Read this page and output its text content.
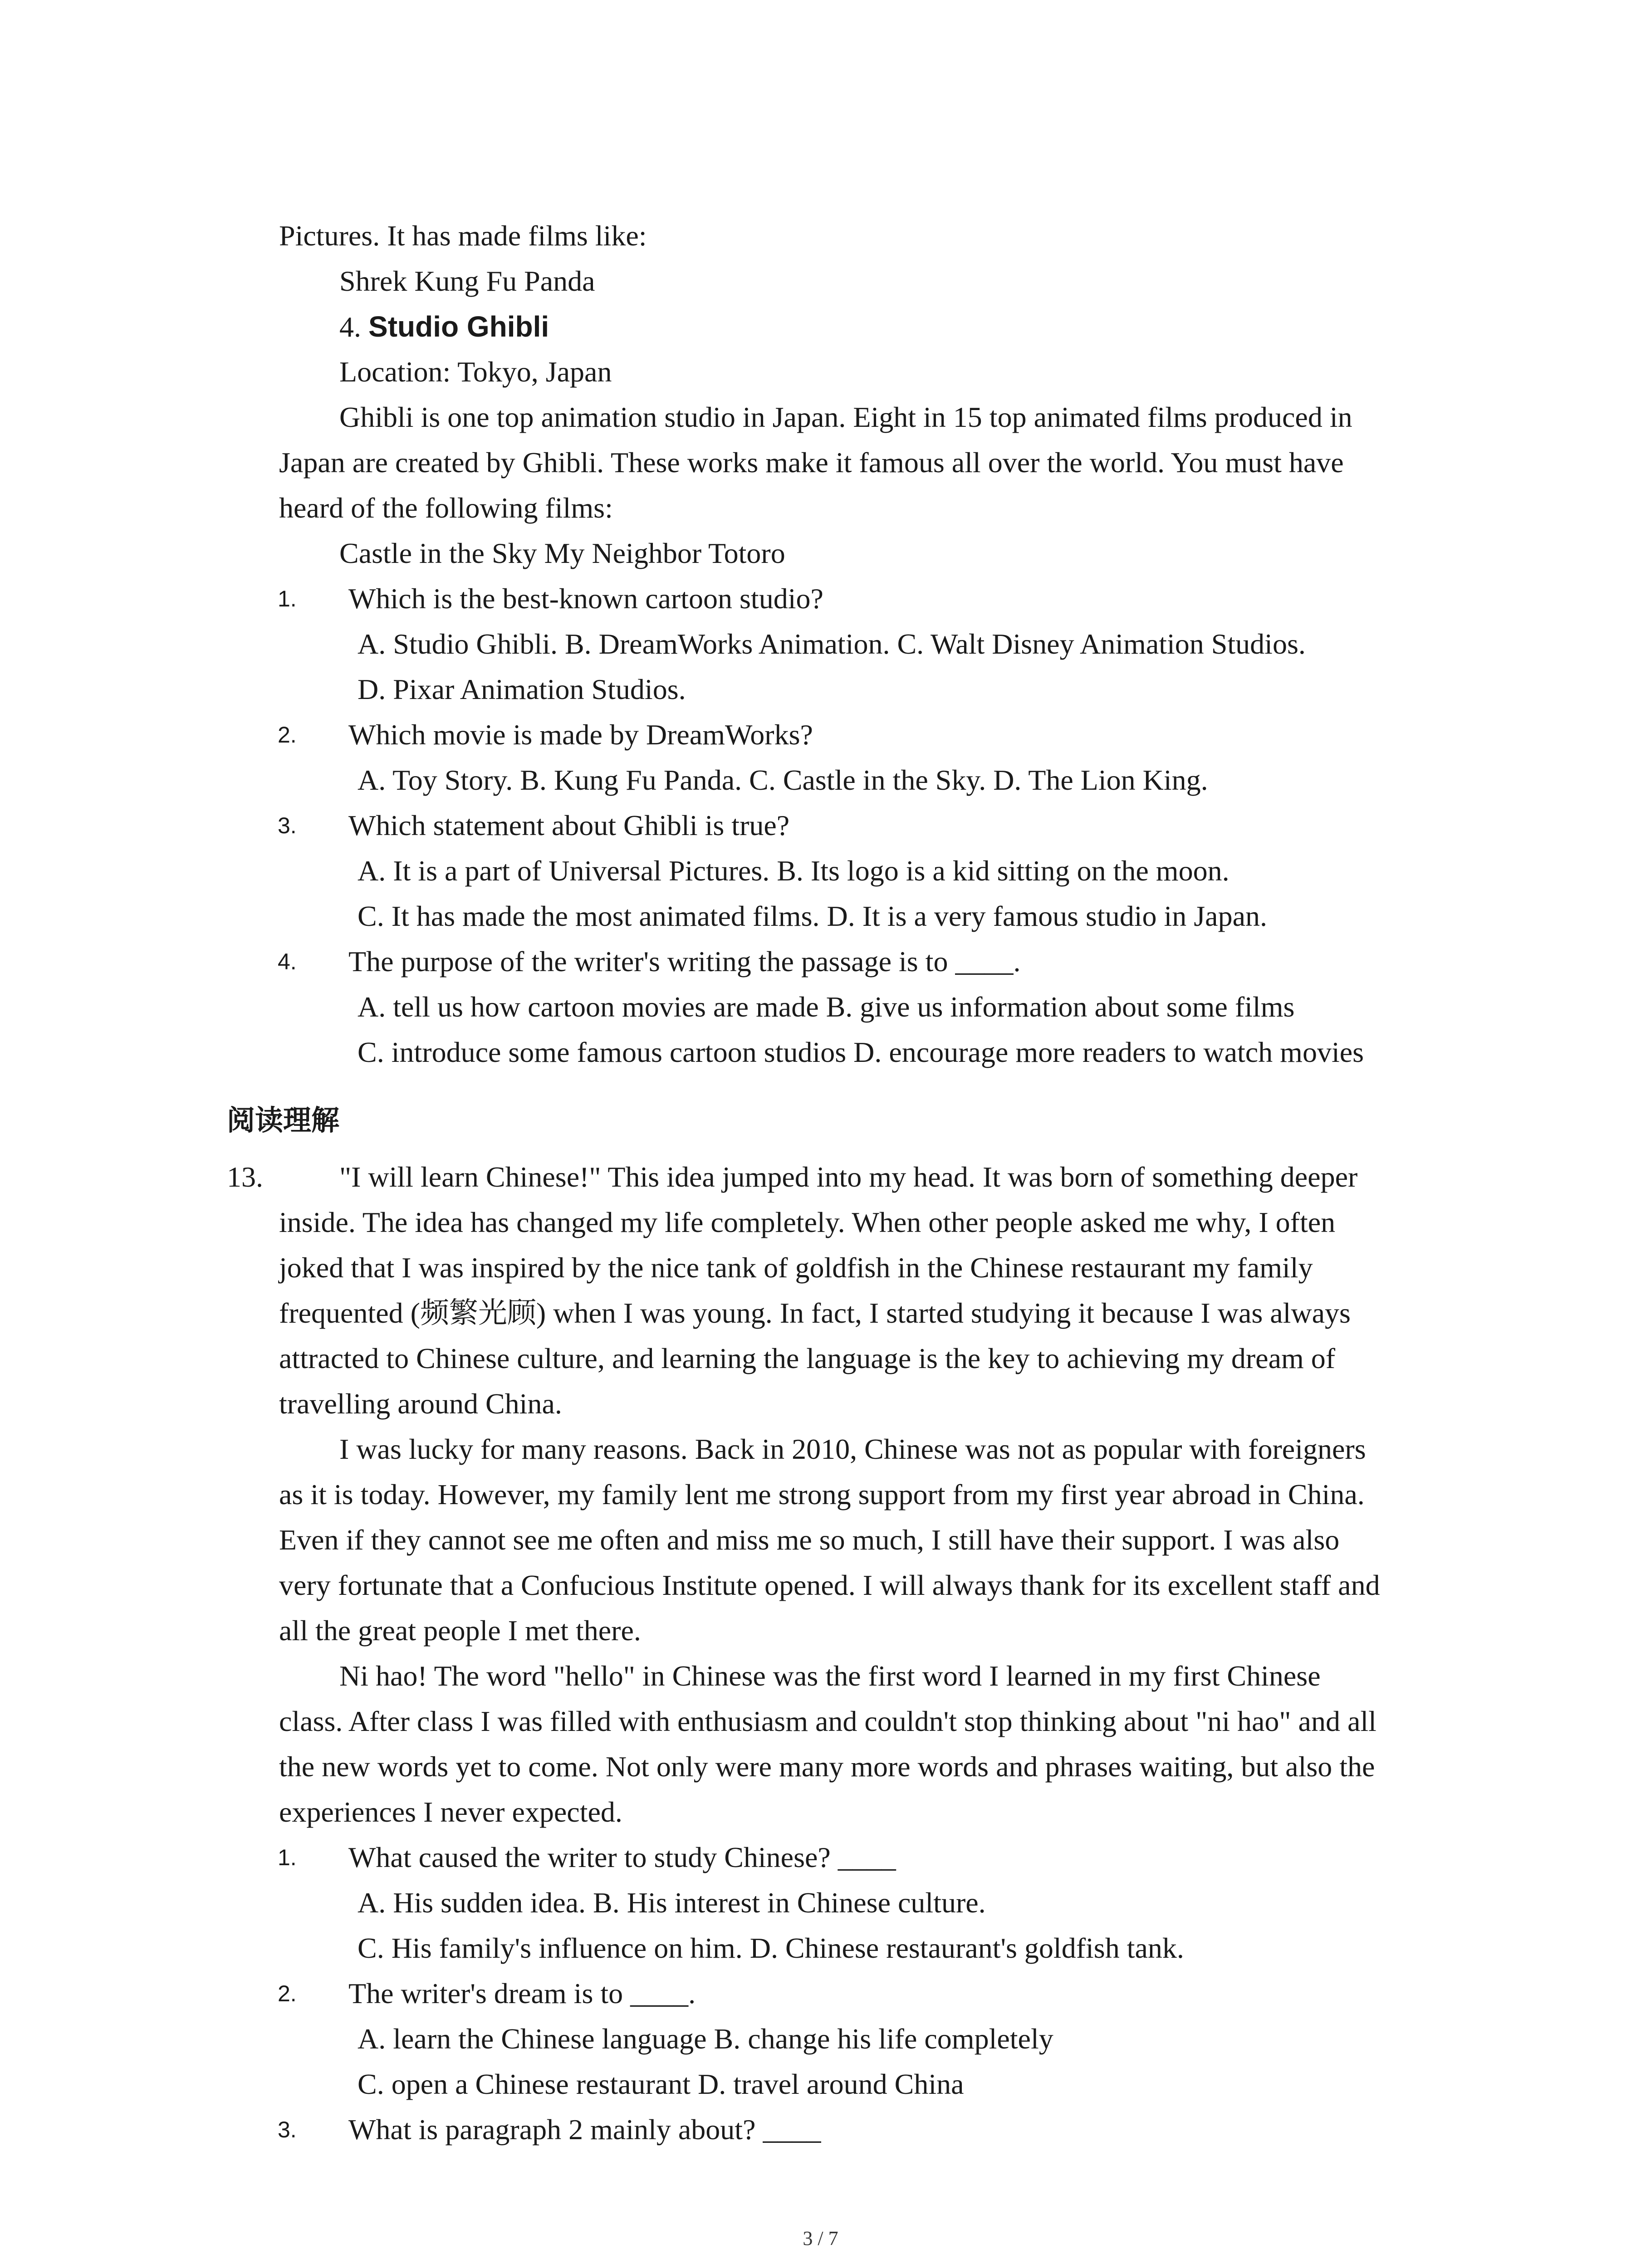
Pictures. It has made films like:
Shrek Kung Fu Panda
4. Studio Ghibli
Location: Tokyo, Japan
Ghibli is one top animation studio in Japan. Eight in 15 top animated films produced in
Japan are created by Ghibli. These works make it famous all over the world. You must have
heard of the following films:
Castle in the Sky My Neighbor Totoro
1. Which is the best-known cartoon studio?
A. Studio Ghibli. B. DreamWorks Animation. C. Walt Disney Animation Studios.
D. Pixar Animation Studios.
2. Which movie is made by DreamWorks?
A. Toy Story. B. Kung Fu Panda. C. Castle in the Sky. D. The Lion King.
3. Which statement about Ghibli is true?
A. It is a part of Universal Pictures. B. Its logo is a kid sitting on the moon.
C. It has made the most animated films. D. It is a very famous studio in Japan.
4. The purpose of the writer's writing the passage is to ____.
A. tell us how cartoon movies are made B. give us information about some films
C. introduce some famous cartoon studios D. encourage more readers to watch movies
阅读理解
13.	"I will learn Chinese!" This idea jumped into my head. It was born of something deeper
inside. The idea has changed my life completely. When other people asked me why, I often
joked that I was inspired by the nice tank of goldfish in the Chinese restaurant my family
frequented (频繁光顾) when I was young. In fact, I started studying it because I was always
attracted to Chinese culture, and learning the language is the key to achieving my dream of
travelling around China.
I was lucky for many reasons. Back in 2010, Chinese was not as popular with foreigners
as it is today. However, my family lent me strong support from my first year abroad in China.
Even if they cannot see me often and miss me so much, I still have their support. I was also
very fortunate that a Confucious Institute opened. I will always thank for its excellent staff and
all the great people I met there.
Ni hao! The word "hello" in Chinese was the first word I learned in my first Chinese
class. After class I was filled with enthusiasm and couldn't stop thinking about "ni hao" and all
the new words yet to come. Not only were many more words and phrases waiting, but also the
experiences I never expected.
1. What caused the writer to study Chinese? ____
A. His sudden idea. B. His interest in Chinese culture.
C. His family's influence on him. D. Chinese restaurant's goldfish tank.
2. The writer's dream is to ____.
A. learn the Chinese language B. change his life completely
C. open a Chinese restaurant D. travel around China
3. What is paragraph 2 mainly about? ____
3 / 7
